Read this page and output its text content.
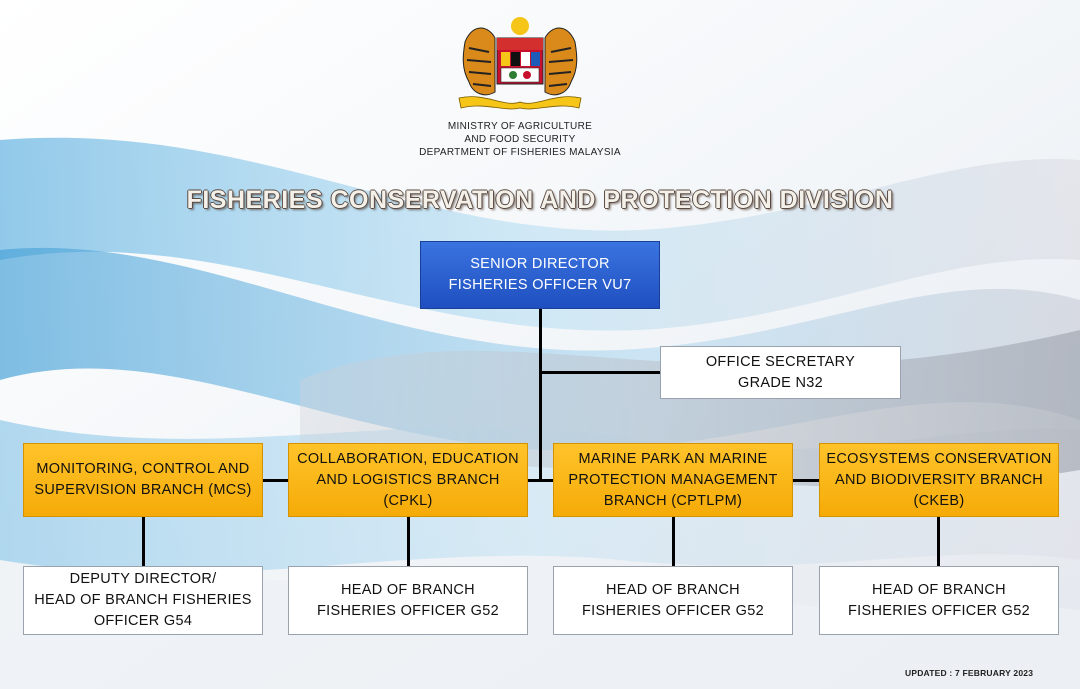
MINISTRY OF AGRICULTURE
AND FOOD SECURITY
DEPARTMENT OF FISHERIES MALAYSIA
FISHERIES CONSERVATION AND PROTECTION DIVISION
SENIOR DIRECTOR
FISHERIES OFFICER VU7
OFFICE SECRETARY
GRADE N32
MONITORING, CONTROL AND
SUPERVISION BRANCH (MCS)
DEPUTY DIRECTOR/
HEAD OF BRANCH FISHERIES
OFFICER G54
COLLABORATION, EDUCATION
AND LOGISTICS BRANCH
(CPKL)
HEAD OF BRANCH
FISHERIES OFFICER G52
MARINE PARK AN MARINE
PROTECTION MANAGEMENT
BRANCH (CPTLPM)
HEAD OF BRANCH
FISHERIES OFFICER G52
ECOSYSTEMS CONSERVATION
AND BIODIVERSITY BRANCH
(CKEB)
HEAD OF BRANCH
FISHERIES OFFICER G52
UPDATED : 7 FEBRUARY 2023
